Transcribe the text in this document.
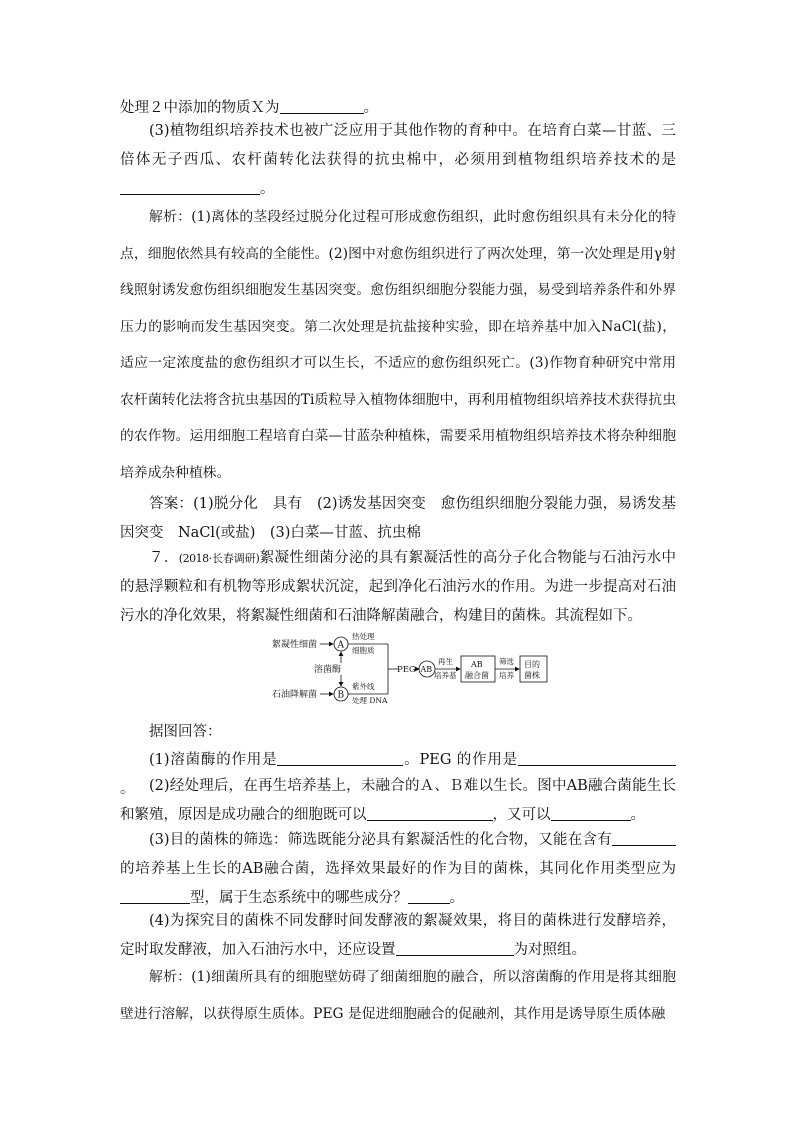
处理２中添加的物质Ｘ为	。
(3)植物组织培养技术也被广泛应用于其他作物的育种中。在培育白菜—甘蓝、三倍体无子西瓜、农杆菌转化法获得的抗虫棉中，必须用到植物组织培养技术的是。
解析：(1)离体的茎段经过脱分化过程可形成愈伤组织，此时愈伤组织具有未分化的特点，细胞依然具有较高的全能性。(2)图中对愈伤组织进行了两次处理，第一次处理是用γ射线照射诱发愈伤组织细胞发生基因突变。愈伤组织细胞分裂能力强，易受到培养条件和外界压力的影响而发生基因突变。第二次处理是抗盐接种实验，即在培养基中加入NaCl(盐)，适应一定浓度盐的愈伤组织才可以生长，不适应的愈伤组织死亡。(3)作物育种研究中常用农杆菌转化法将含抗虫基因的Ti质粒导入植物体细胞中，再利用植物组织培养技术获得抗虫的农作物。运用细胞工程培育白菜—甘蓝杂种植株，需要采用植物组织培养技术将杂种细胞培养成杂种植株。
答案：(1)脱分化　具有　(2)诱发基因突变　愈伤组织细胞分裂能力强，易诱发基因突变　NaCl(或盐)　(3)白菜—甘蓝、抗虫棉
７．(2018·长春调研)絮凝性细菌分泌的具有絮凝活性的高分子化合物能与石油污水中的悬浮颗粒和有机物等形成絮状沉淀，起到净化石油污水的作用。为进一步提高对石油污水的净化效果，将絮凝性细菌和石油降解菌融合，构建目的菌株。其流程如下。
絮凝性细菌 A
热处理
细胞质
溶菌酶
石油降解菌 B
紫外线
处理 DNA
PEG AB
再生
培养基
AB
融合菌
筛选
培养
目的
菌株
据图回答：
(1)溶菌酶的作用是	。PEG 的作用是。	(2)经处理后，在再生培养基上，未融合的Ａ、Ｂ难以生长。图中AB融合菌能生长和繁殖，原因是成功融合的细胞既可以	，又可以	。
(3)目的菌株的筛选：筛选既能分泌具有絮凝活性的化合物，又能在含有的培养基上生长的AB融合菌，选择效果最好的作为目的菌株，其同化作用类型应为型，属于生态系统中的哪些成分？	。
(4)为探究目的菌株不同发酵时间发酵液的絮凝效果，将目的菌株进行发酵培养，定时取发酵液，加入石油污水中，还应设置	为对照组。
解析：(1)细菌所具有的细胞壁妨碍了细菌细胞的融合，所以溶菌酶的作用是将其细胞壁进行溶解，以获得原生质体。PEG 是促进细胞融合的促融剂，其作用是诱导原生质体融
